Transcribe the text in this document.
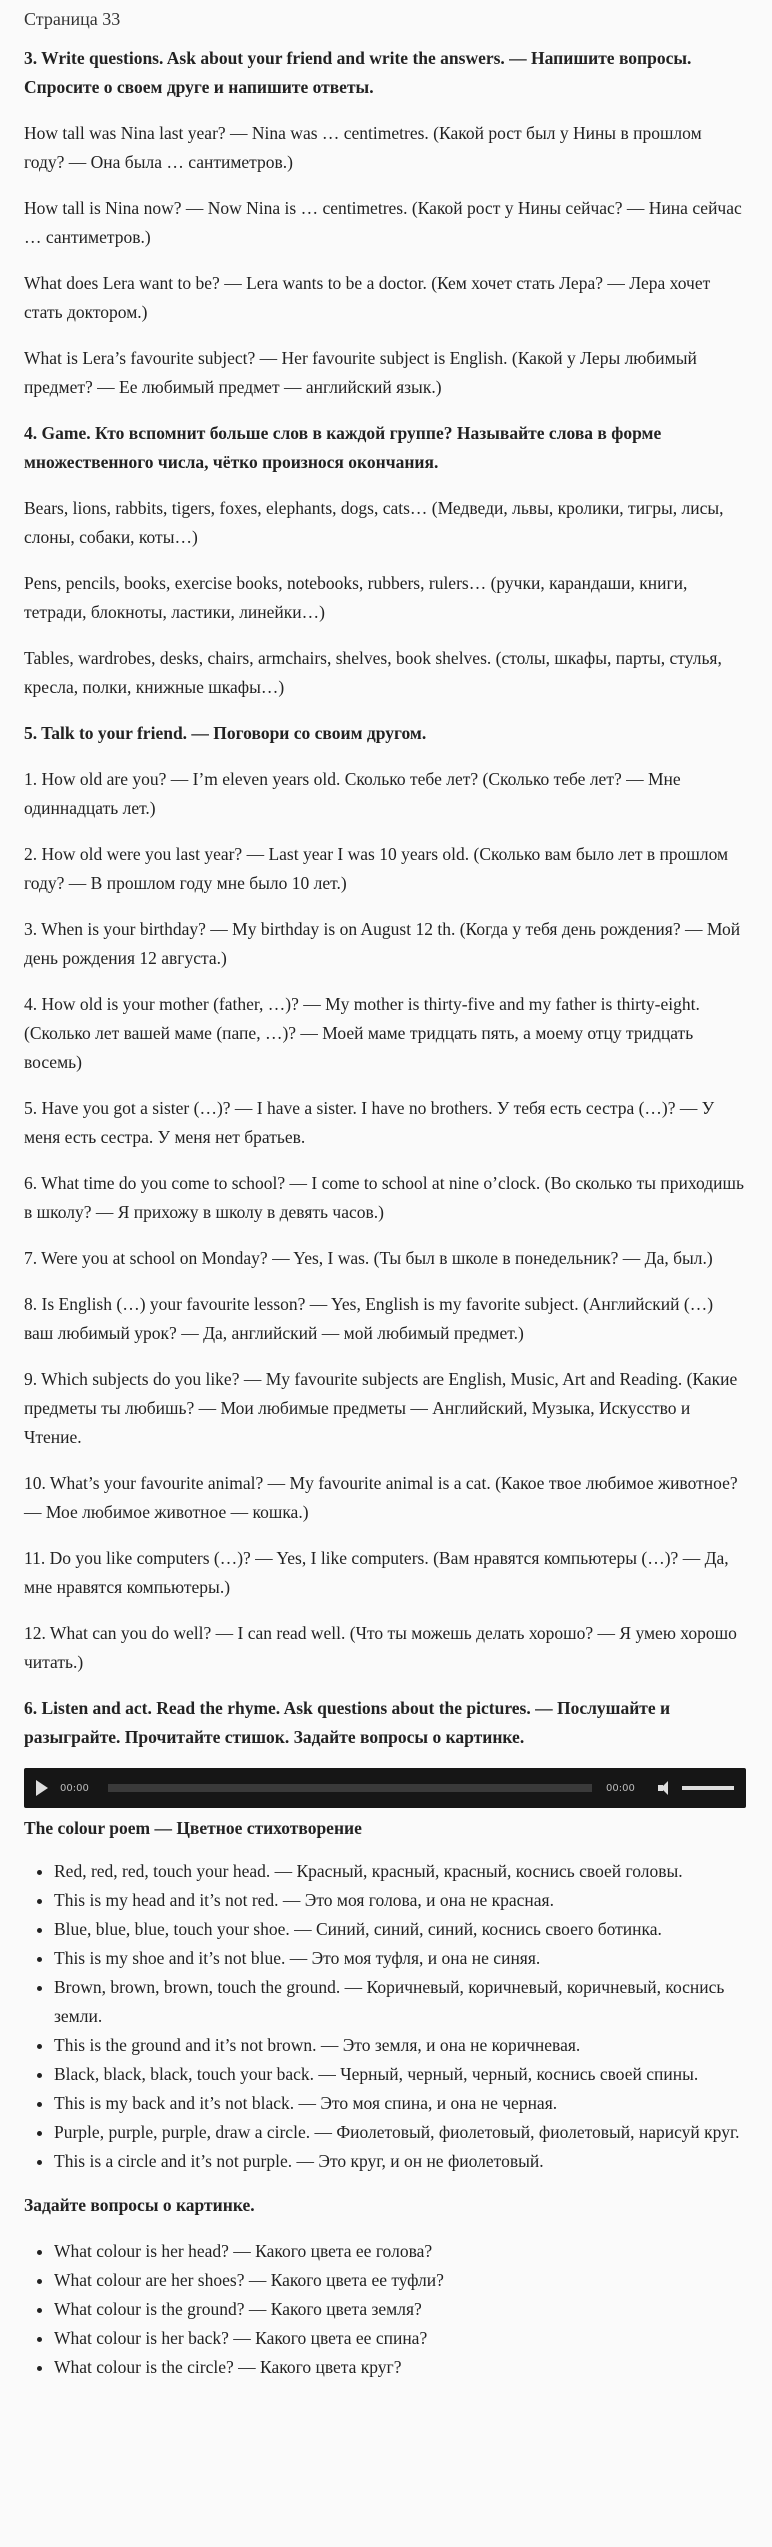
Страница 33
3. Write questions. Ask about your friend and write the answers. — Напишите вопросы. Спросите о своем друге и напишите ответы.
How tall was Nina last year? — Nina was … centimetres. (Какой рост был у Нины в прошлом году? — Она была … сантиметров.)
How tall is Nina now? — Now Nina is … centimetres. (Какой рост у Нины сейчас? — Нина сейчас … сантиметров.)
What does Lera want to be? — Lera wants to be a doctor. (Кем хочет стать Лера? — Лера хочет стать доктором.)
What is Lera’s favourite subject? — Her favourite subject is English. (Какой у Леры любимый предмет? — Ее любимый предмет — английский язык.)
4. Game. Кто вспомнит больше слов в каждой группе? Называйте слова в форме множественного числа, чётко произнося окончания.
Bears, lions, rabbits, tigers, foxes, elephants, dogs, cats… (Медведи, львы, кролики, тигры, лисы, слоны, собаки, коты…)
Pens, pencils, books, exercise books, notebooks, rubbers, rulers… (ручки, карандаши, книги, тетради, блокноты, ластики, линейки…)
Tables, wardrobes, desks, chairs, armchairs, shelves, book shelves. (столы, шкафы, парты, стулья, кресла, полки, книжные шкафы…)
5. Talk to your friend. — Поговори со своим другом.
1. How old are you? — I’m eleven years old. Сколько тебе лет? (Сколько тебе лет? — Мне одиннадцать лет.)
2. How old were you last year? — Last year I was 10 years old. (Сколько вам было лет в прошлом году? — В прошлом году мне было 10 лет.)
3. When is your birthday? — My birthday is on August 12 th. (Когда у тебя день рождения? — Мой день рождения 12 августа.)
4. How old is your mother (father, …)? — My mother is thirty-five and my father is thirty-eight. (Сколько лет вашей маме (папе, …)? — Моей маме тридцать пять, а моему отцу тридцать восемь)
5. Have you got a sister (…)? — I have a sister. I have no brothers. У тебя есть сестра (…)? — У меня есть сестра. У меня нет братьев.
6. What time do you come to school? — I come to school at nine o’clock. (Во сколько ты приходишь в школу? — Я прихожу в школу в девять часов.)
7. Were you at school on Monday? — Yes, I was. (Ты был в школе в понедельник? — Да, был.)
8. Is English (…) your favourite lesson? — Yes, English is my favorite subject. (Английский (…) ваш любимый урок? — Да, английский — мой любимый предмет.)
9. Which subjects do you like? — My favourite subjects are English, Music, Art and Reading. (Какие предметы ты любишь? — Мои любимые предметы — Английский, Музыка, Искусство и Чтение.
10. What’s your favourite animal? — My favourite animal is a cat. (Какое твое любимое животное? — Мое любимое животное — кошка.)
11. Do you like computers (…)? — Yes, I like computers. (Вам нравятся компьютеры (…)? — Да, мне нравятся компьютеры.)
12. What can you do well? — I can read well. (Что ты можешь делать хорошо? — Я умею хорошо читать.)
6. Listen and act. Read the rhyme. Ask questions about the pictures. — Послушайте и разыграйте. Прочитайте стишок. Задайте вопросы о картинке.
00:00	00:00
The colour poem — Цветное стихотворение
• Red, red, red, touch your head. — Красный, красный, красный, коснись своей головы.
• This is my head and it’s not red. — Это моя голова, и она не красная.
• Blue, blue, blue, touch your shoe. — Синий, синий, синий, коснись своего ботинка.
• This is my shoe and it’s not blue. — Это моя туфля, и она не синяя.
• Brown, brown, brown, touch the ground. — Коричневый, коричневый, коричневый, коснись земли.
• This is the ground and it’s not brown. — Это земля, и она не коричневая.
• Black, black, black, touch your back. — Черный, черный, черный, коснись своей спины.
• This is my back and it’s not black. — Это моя спина, и она не черная.
• Purple, purple, purple, draw a circle. — Фиолетовый, фиолетовый, фиолетовый, нарисуй круг.
• This is a circle and it’s not purple. — Это круг, и он не фиолетовый.
Задайте вопросы о картинке.
• What colour is her head? — Какого цвета ее голова?
• What colour are her shoes? — Какого цвета ее туфли?
• What colour is the ground? — Какого цвета земля?
• What colour is her back? — Какого цвета ее спина?
• What colour is the circle? — Какого цвета круг?
